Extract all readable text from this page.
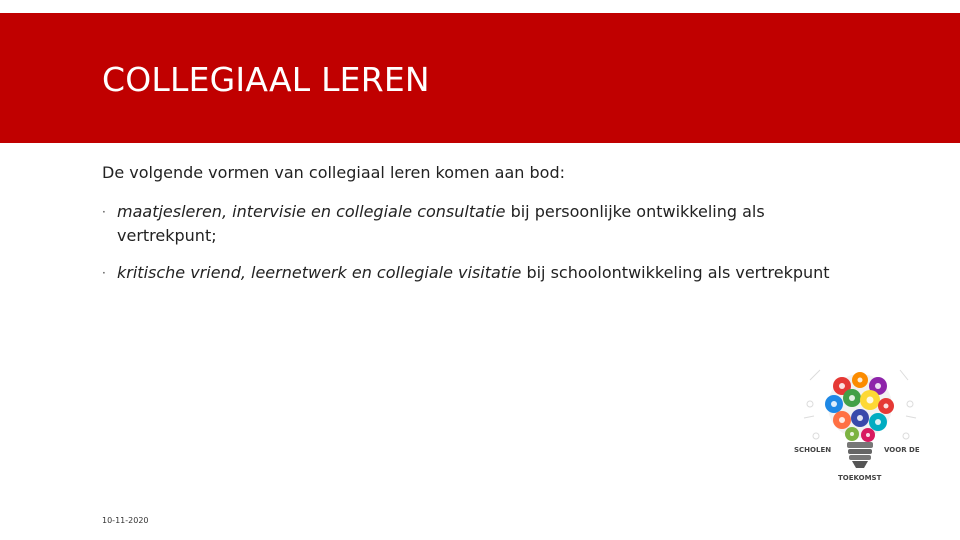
COLLEGIAAL LEREN

De volgende vormen van collegiaal leren komen aan bod:

· maatjesleren, intervisie en collegiale consultatie bij persoonlijke ontwikkeling als vertrekpunt;
· kritische vriend, leernetwerk en collegiale visitatie bij schoolontwikkeling als vertrekpunt
SCHOLEN	VOOR DE
TOEKOMST
10-11-2020
